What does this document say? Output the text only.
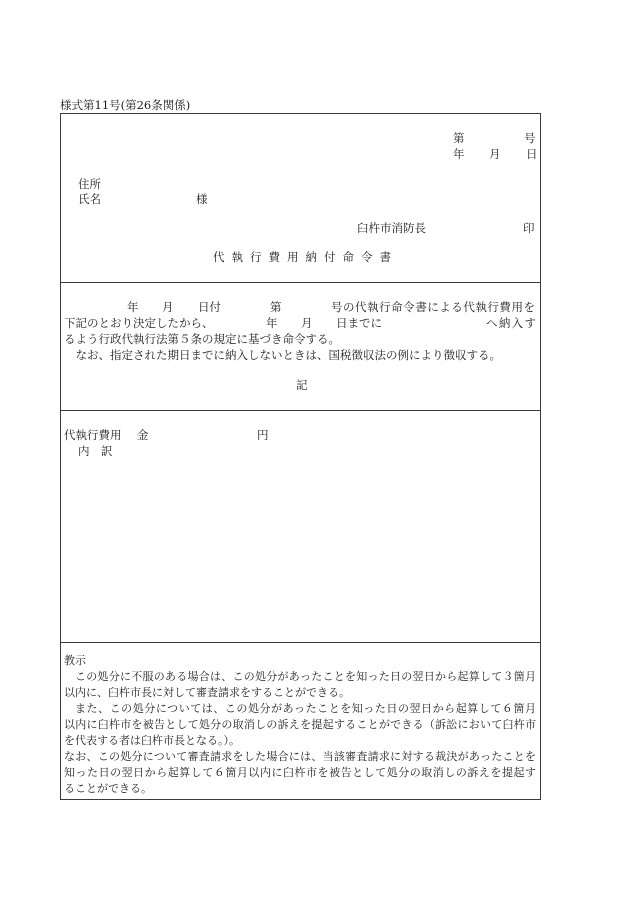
様式第11号(第26条関係)
第	号
年 月 日
住所
氏名	様
臼杵市消防長	印
代執行費用納付命令書
年 月 日付	第	号の代執行命令書による代執行費用を
下記のとおり決定したから、	年 月 日までに	へ納入す
るよう行政代執行法第５条の規定に基づき命令する。
なお、指定された期日までに納入しないときは、国税徴収法の例により徴収する。
記
代執行費用 金	円
内　訳
教示
この処分に不服のある場合は、この処分があったことを知った日の翌日から起算して３箇月
以内に、臼杵市長に対して審査請求をすることができる。
また、この処分については、この処分があったことを知った日の翌日から起算して６箇月
以内に臼杵市を被告として処分の取消しの訴えを提起することができる（訴訟において臼杵市
を代表する者は臼杵市長となる。）。
なお、この処分について審査請求をした場合には、当該審査請求に対する裁決があったことを
知った日の翌日から起算して６箇月以内に臼杵市を被告として処分の取消しの訴えを提起す
ることができる。
